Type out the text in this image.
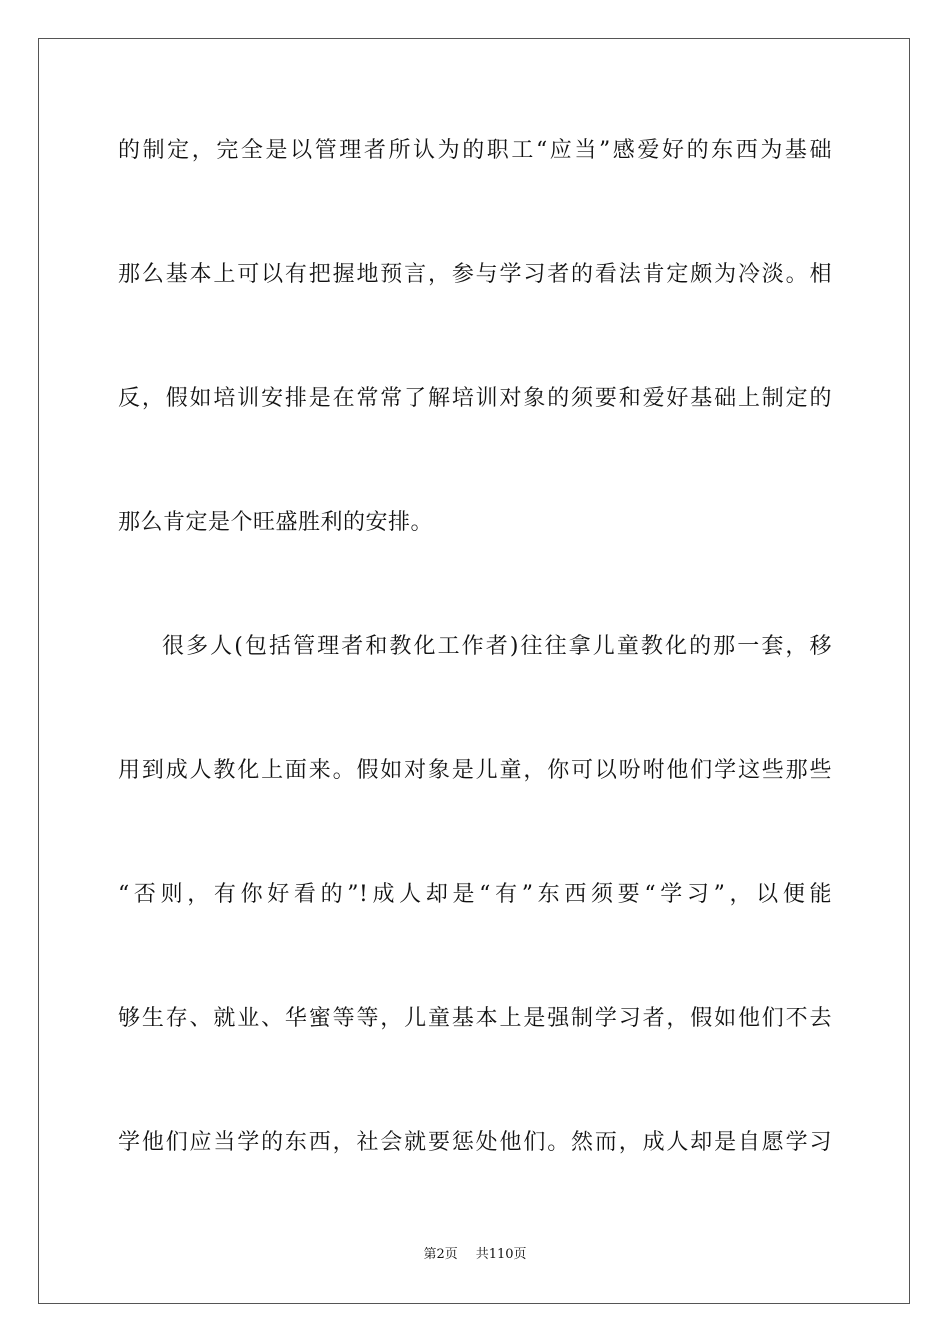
的制定，完全是以管理者所认为的职工“应当”感爱好的东西为基础
那么基本上可以有把握地预言，参与学习者的看法肯定颇为冷淡。相
反，假如培训安排是在常常了解培训对象的须要和爱好基础上制定的
那么肯定是个旺盛胜利的安排。
很多人(包括管理者和教化工作者)往往拿儿童教化的那一套，移
用到成人教化上面来。假如对象是儿童，你可以吩咐他们学这些那些
“否则，有你好看的”!成人却是“有”东西须要“学习”，以便能
够生存、就业、华蜜等等，儿童基本上是强制学习者，假如他们不去
学他们应当学的东西，社会就要惩处他们。然而，成人却是自愿学习
第2页 共110页
